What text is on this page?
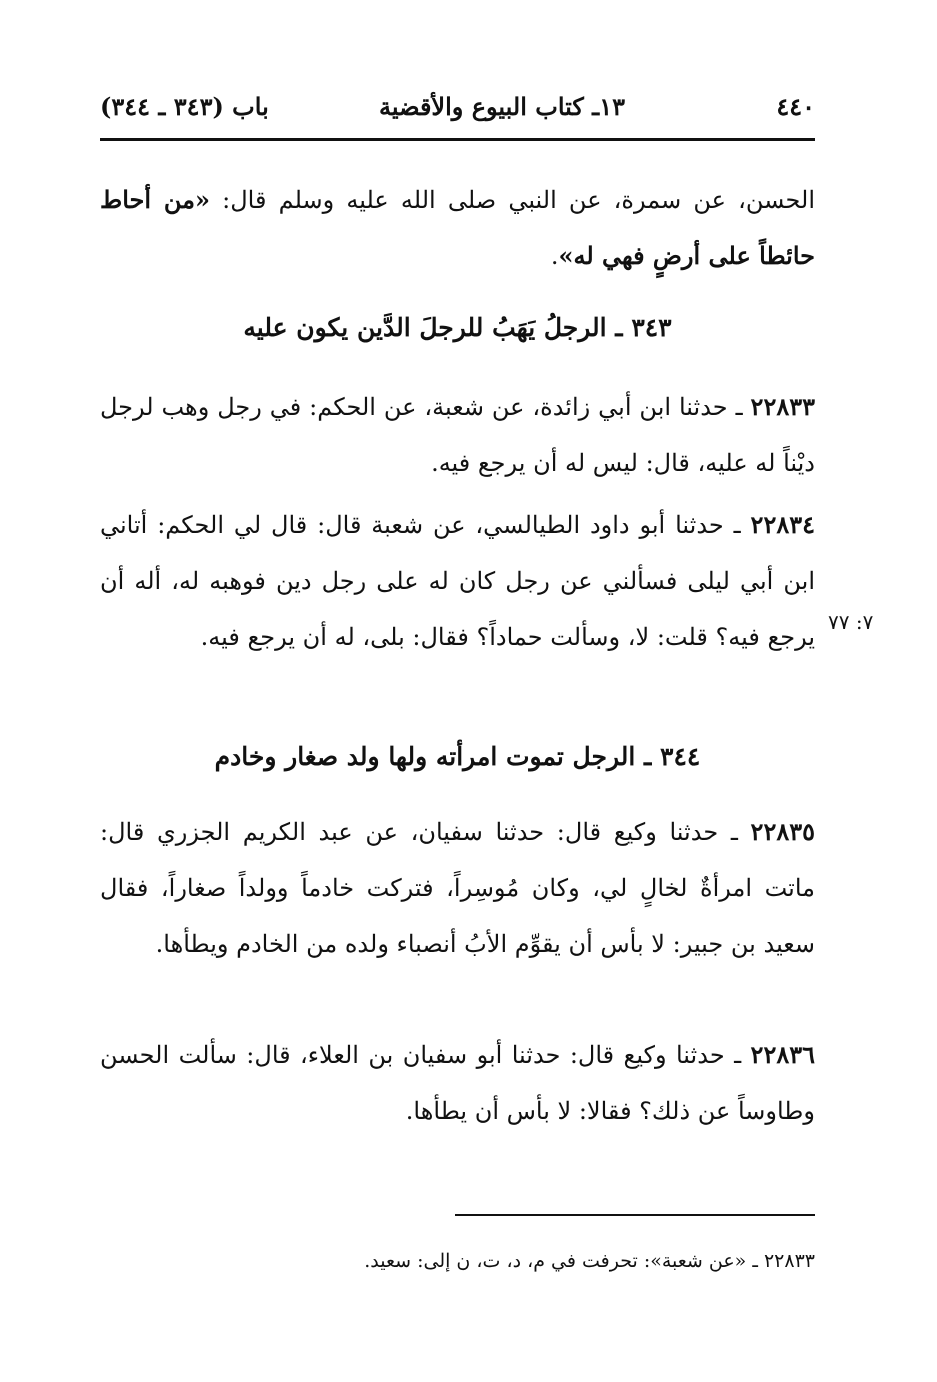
٤٤٠
١٣ـ كتاب البيوع والأقضية
باب (٣٤٣ ـ ٣٤٤)
الحسن، عن سمرة، عن النبي صلى الله عليه وسلم قال: «من أحاط حائطاً على أرضٍ فهي له».
٣٤٣ ـ الرجلُ يَهَبُ للرجلَ الدَّين يكون عليه
٢٢٨٣٣ ـ حدثنا ابن أبي زائدة، عن شعبة، عن الحكم: في رجل وهب لرجل ديْناً له عليه، قال: ليس له أن يرجع فيه.
٢٢٨٣٤ ـ حدثنا أبو داود الطيالسي، عن شعبة قال: قال لي الحكم: أتاني ابن أبي ليلى فسألني عن رجل كان له على رجل دين فوهبه له، أله أن يرجع فيه؟ قلت: لا، وسألت حماداً؟ فقال: بلى، له أن يرجع فيه.
٧: ٧٧
٣٤٤ ـ الرجل تموت امرأته ولها ولد صغار وخادم
٢٢٨٣٥ ـ حدثنا وكيع قال: حدثنا سفيان، عن عبد الكريم الجزري قال: ماتت امرأةٌ لخالٍ لي، وكان مُوسِراً، فتركت خادماً وولداً صغاراً، فقال سعيد بن جبير: لا بأس أن يقوِّم الأبُ أنصباء ولده من الخادم ويطأها.
٢٢٨٣٦ ـ حدثنا وكيع قال: حدثنا أبو سفيان بن العلاء، قال: سألت الحسن وطاوساً عن ذلك؟ فقالا: لا بأس أن يطأها.
٢٢٨٣٣ ـ «عن شعبة»: تحرفت في م، د، ت، ن إلى: سعيد.
